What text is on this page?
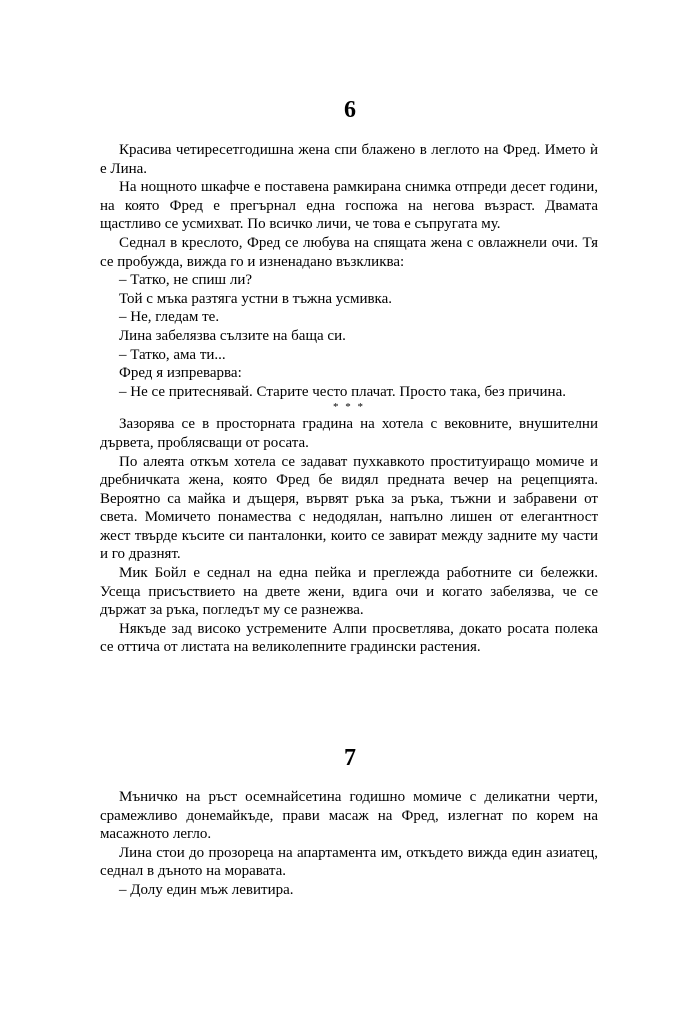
6

Красива четиресетгодишна жена спи блажено в леглото на Фред. Името ѝ е Лина.

На нощното шкафче е поставена рамкирана снимка отпреди десет години, на която Фред е прегърнал една госпожа на негова възраст. Двамата щастливо се усмихват. По всичко личи, че това е съпругата му.

Седнал в креслото, Фред се любува на спящата жена с овлажнели очи. Тя се пробужда, вижда го и изненадано възкликва:

– Татко, не спиш ли?

Той с мъка разтяга устни в тъжна усмивка.

– Не, гледам те.

Лина забелязва сълзите на баща си.

– Татко, ама ти...

Фред я изпреварва:

– Не се притеснявай. Старите често плачат. Просто така, без причина.

* * *

Зазорява се в просторната градина на хотела с вековните, внушителни дървета, проблясващи от росата.

По алеята откъм хотела се задават пухкавкото проституиращо момиче и дребничката жена, която Фред бе видял предната вечер на рецепцията. Вероятно са майка и дъщеря, вървят ръка за ръка, тъжни и забравени от света. Момичето понамества с недодялан, напълно лишен от елегантност жест твърде късите си панталонки, които се завират между задните му части и го дразнят.

Мик Бойл е седнал на една пейка и преглежда работните си бележки. Усеща присъствието на двете жени, вдига очи и когато забелязва, че се държат за ръка, погледът му се разнежва.

Някъде зад високо устремените Алпи просветлява, докато росата полека се оттича от листата на великолепните градински растения.

7

Мъничко на ръст осемнайсетина годишно момиче с деликатни черти, срамежливо донемайкъде, прави масаж на Фред, излегнат по корем на масажното легло.

Лина стои до прозореца на апартамента им, откъдето вижда един азиатец, седнал в дъното на моравата.

– Долу един мъж левитира.
